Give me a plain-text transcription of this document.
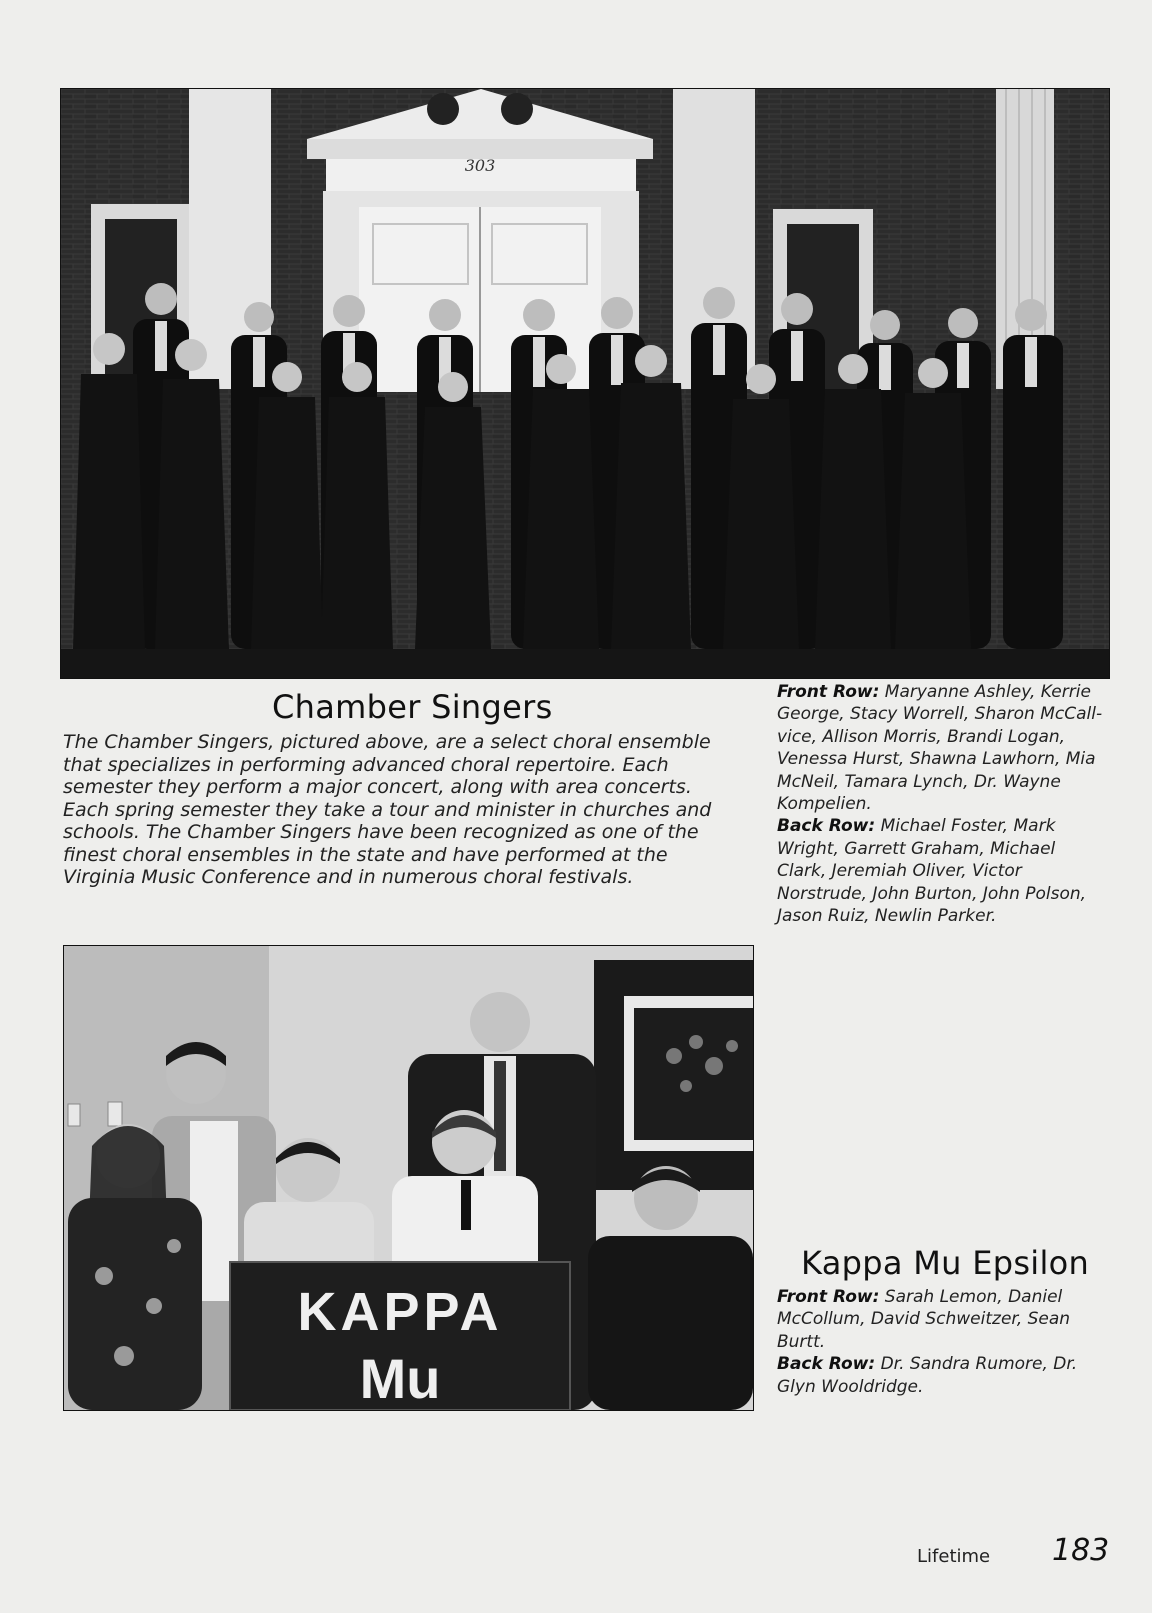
303
Chamber Singers

The Chamber Singers, pictured above, are a select choral ensemble that specializes in performing advanced choral repertoire. Each semester they perform a major concert, along with area concerts. Each spring semester they take a tour and minister in churches and schools. The Chamber Singers have been recognized as one of the finest choral ensembles in the state and have performed at the Virginia Music Conference and in numerous choral festivals.

Front Row: Maryanne Ashley, Kerrie George, Stacy Worrell, Sharon McCall-vice, Allison Morris, Brandi Logan, Venessa Hurst, Shawna Lawhorn, Mia McNeil, Tamara Lynch, Dr. Wayne Kompelien.
Back Row: Michael Foster, Mark Wright, Garrett Graham, Michael Clark, Jeremiah Oliver, Victor Norstrude, John Burton, John Polson, Jason Ruiz, Newlin Parker.

KAPPA
Mu
Kappa Mu Epsilon

Front Row: Sarah Lemon, Daniel McCollum, David Schweitzer, Sean Burtt.
Back Row: Dr. Sandra Rumore, Dr. Glyn Wooldridge.

Lifetime 183
